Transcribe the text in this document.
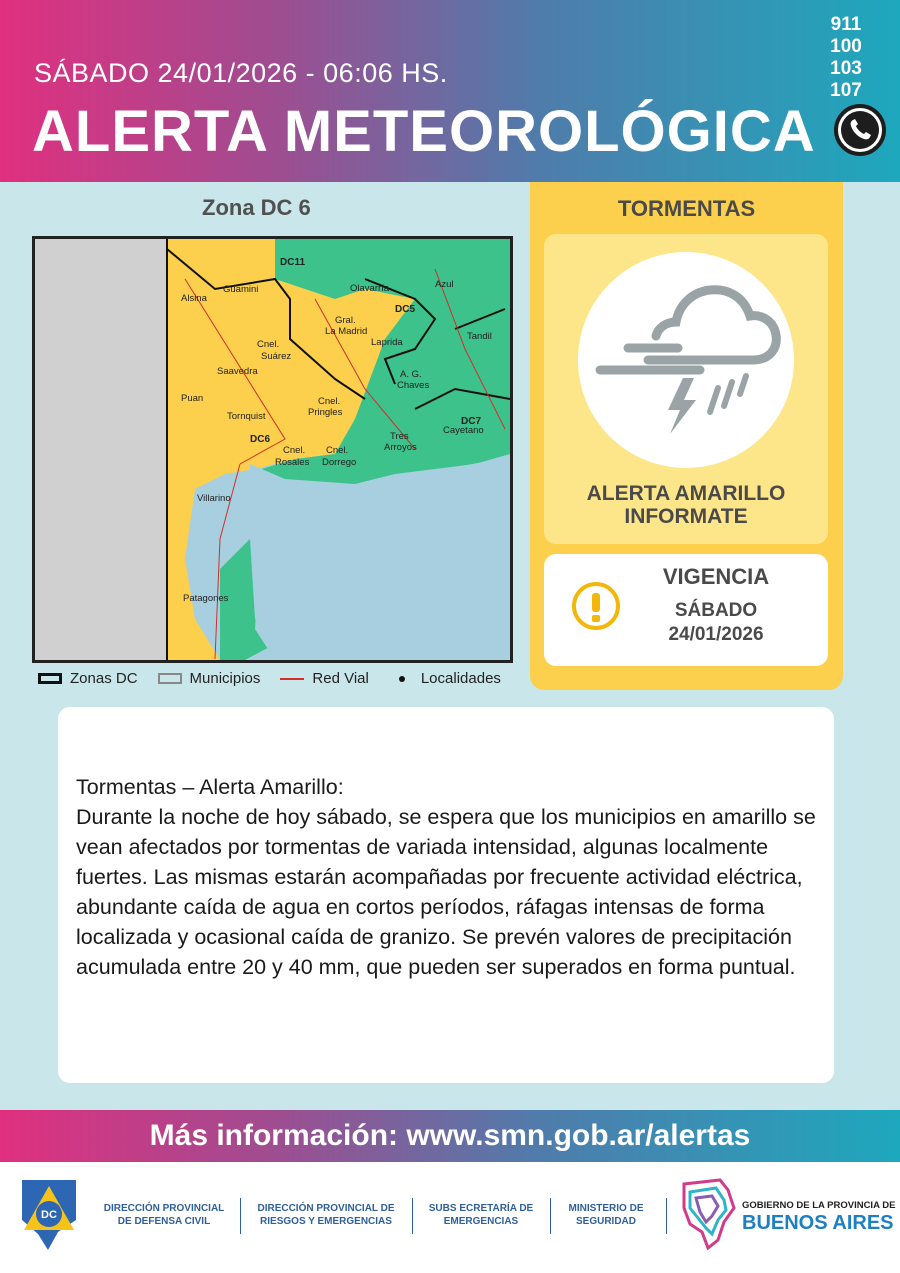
SÁBADO 24/01/2026 - 06:06 HS.
ALERTA METEOROLÓGICA
911
100
103
107
Zona DC 6
DC11
DC5
DC6
DC7
Alsina
Guamini	Olavarría	Azul
Gral.
La Madrid
Laprida
Tandil
Cnel.
Suárez
Saavedra	A. G.
Chaves
Puan
Tornquist
Cnel.
Pringles
Cayetano
Tres
Arroyos
Cnel.
Rosales
Cnel.
Dorrego
Villarino
Patagones
Zonas DC	Municipios	Red Vial	Localidades
TORMENTAS
ALERTA AMARILLO
INFORMATE
VIGENCIA
SÁBADO
24/01/2026
Tormentas – Alerta Amarillo:
Durante la noche de hoy sábado, se espera que los municipios en amarillo se vean afectados por tormentas de variada intensidad, algunas localmente fuertes. Las mismas estarán acompañadas por frecuente actividad eléctrica, abundante caída de agua en cortos períodos, ráfagas intensas de forma localizada y ocasional caída de granizo. Se prevén valores de precipitación acumulada entre 20 y 40 mm, que pueden ser superados en forma puntual.
Más información: www.smn.gob.ar/alertas
DC
DIRECCIÓN PROVINCIAL
DE DEFENSA CIVIL
DIRECCIÓN PROVINCIAL DE
RIESGOS Y EMERGENCIAS
SUBS ECRETARÍA DE
EMERGENCIAS
MINISTERIO DE
SEGURIDAD
GOBIERNO DE LA PROVINCIA DE
BUENOS AIRES
